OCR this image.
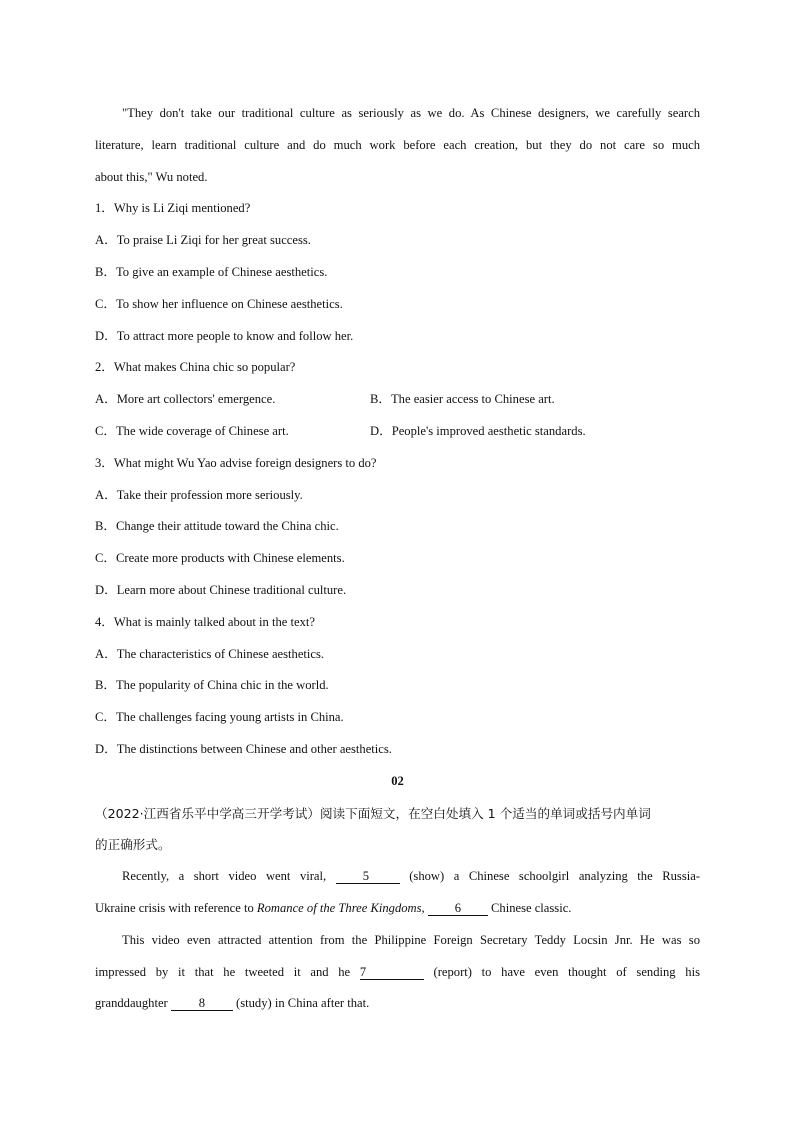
"They don't take our traditional culture as seriously as we do. As Chinese designers, we carefully search
literature, learn traditional culture and do much work before each creation, but they do not care so much
about this," Wu noted.
1．Why is Li Ziqi mentioned?
A．To praise Li Ziqi for her great success.
B．To give an example of Chinese aesthetics.
C．To show her influence on Chinese aesthetics.
D．To attract more people to know and follow her.
2．What makes China chic so popular?
A．More art collectors' emergence.	B．The easier access to Chinese art.
C．The wide coverage of Chinese art.	D．People's improved aesthetic standards.
3．What might Wu Yao advise foreign designers to do?
A．Take their profession more seriously.
B．Change their attitude toward the China chic.
C．Create more products with Chinese elements.
D．Learn more about Chinese traditional culture.
4．What is mainly talked about in the text?
A．The characteristics of Chinese aesthetics.
B．The popularity of China chic in the world.
C．The challenges facing young artists in China.
D．The distinctions between Chinese and other aesthetics.
02
（2022·江西省乐平中学高三开学考试）阅读下面短文，在空白处填入 1 个适当的单词或括号内单词
的正确形式。
Recently, a short video went viral, 5 (show) a Chinese schoolgirl analyzing the Russia-
Ukraine crisis with reference to Romance of the Three Kingdoms, 6 Chinese classic.
This video even attracted attention from the Philippine Foreign Secretary Teddy Locsin Jnr. He was so
impressed by it that he tweeted it and he 7	(report) to have even thought of sending his
granddaughter 8 (study) in China after that.
